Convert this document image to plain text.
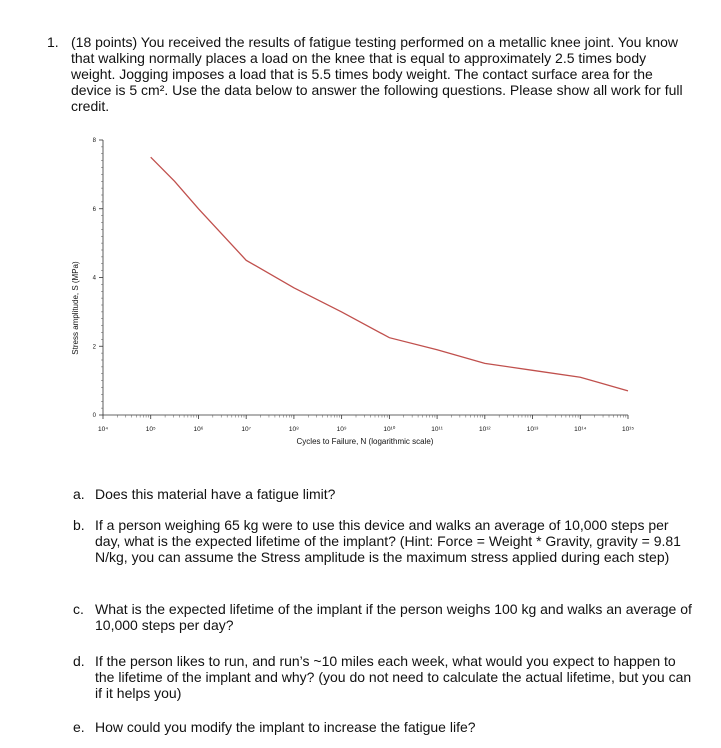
1. (18 points) You received the results of fatigue testing performed on a metallic knee joint. You know that walking normally places a load on the knee that is equal to approximately 2.5 times body weight. Jogging imposes a load that is 5.5 times body weight. The contact surface area for the device is 5 cm². Use the data below to answer the following questions. Please show all work for full credit.
Stress amplitude, S (MPa)
Cycles to Failure, N (logarithmic scale)
0
2
4
6
8
10⁴	10⁵	10⁶	10⁷	10⁸	10⁹	10¹⁰	10¹¹	10¹²	10¹³	10¹⁴	10¹⁵
a. Does this material have a fatigue limit?
b. If a person weighing 65 kg were to use this device and walks an average of 10,000 steps per day, what is the expected lifetime of the implant? (Hint: Force = Weight * Gravity, gravity = 9.81 N/kg, you can assume the Stress amplitude is the maximum stress applied during each step)
c. What is the expected lifetime of the implant if the person weighs 100 kg and walks an average of 10,000 steps per day?
d. If the person likes to run, and run’s ~10 miles each week, what would you expect to happen to the lifetime of the implant and why? (you do not need to calculate the actual lifetime, but you can if it helps you)
e. How could you modify the implant to increase the fatigue life?
